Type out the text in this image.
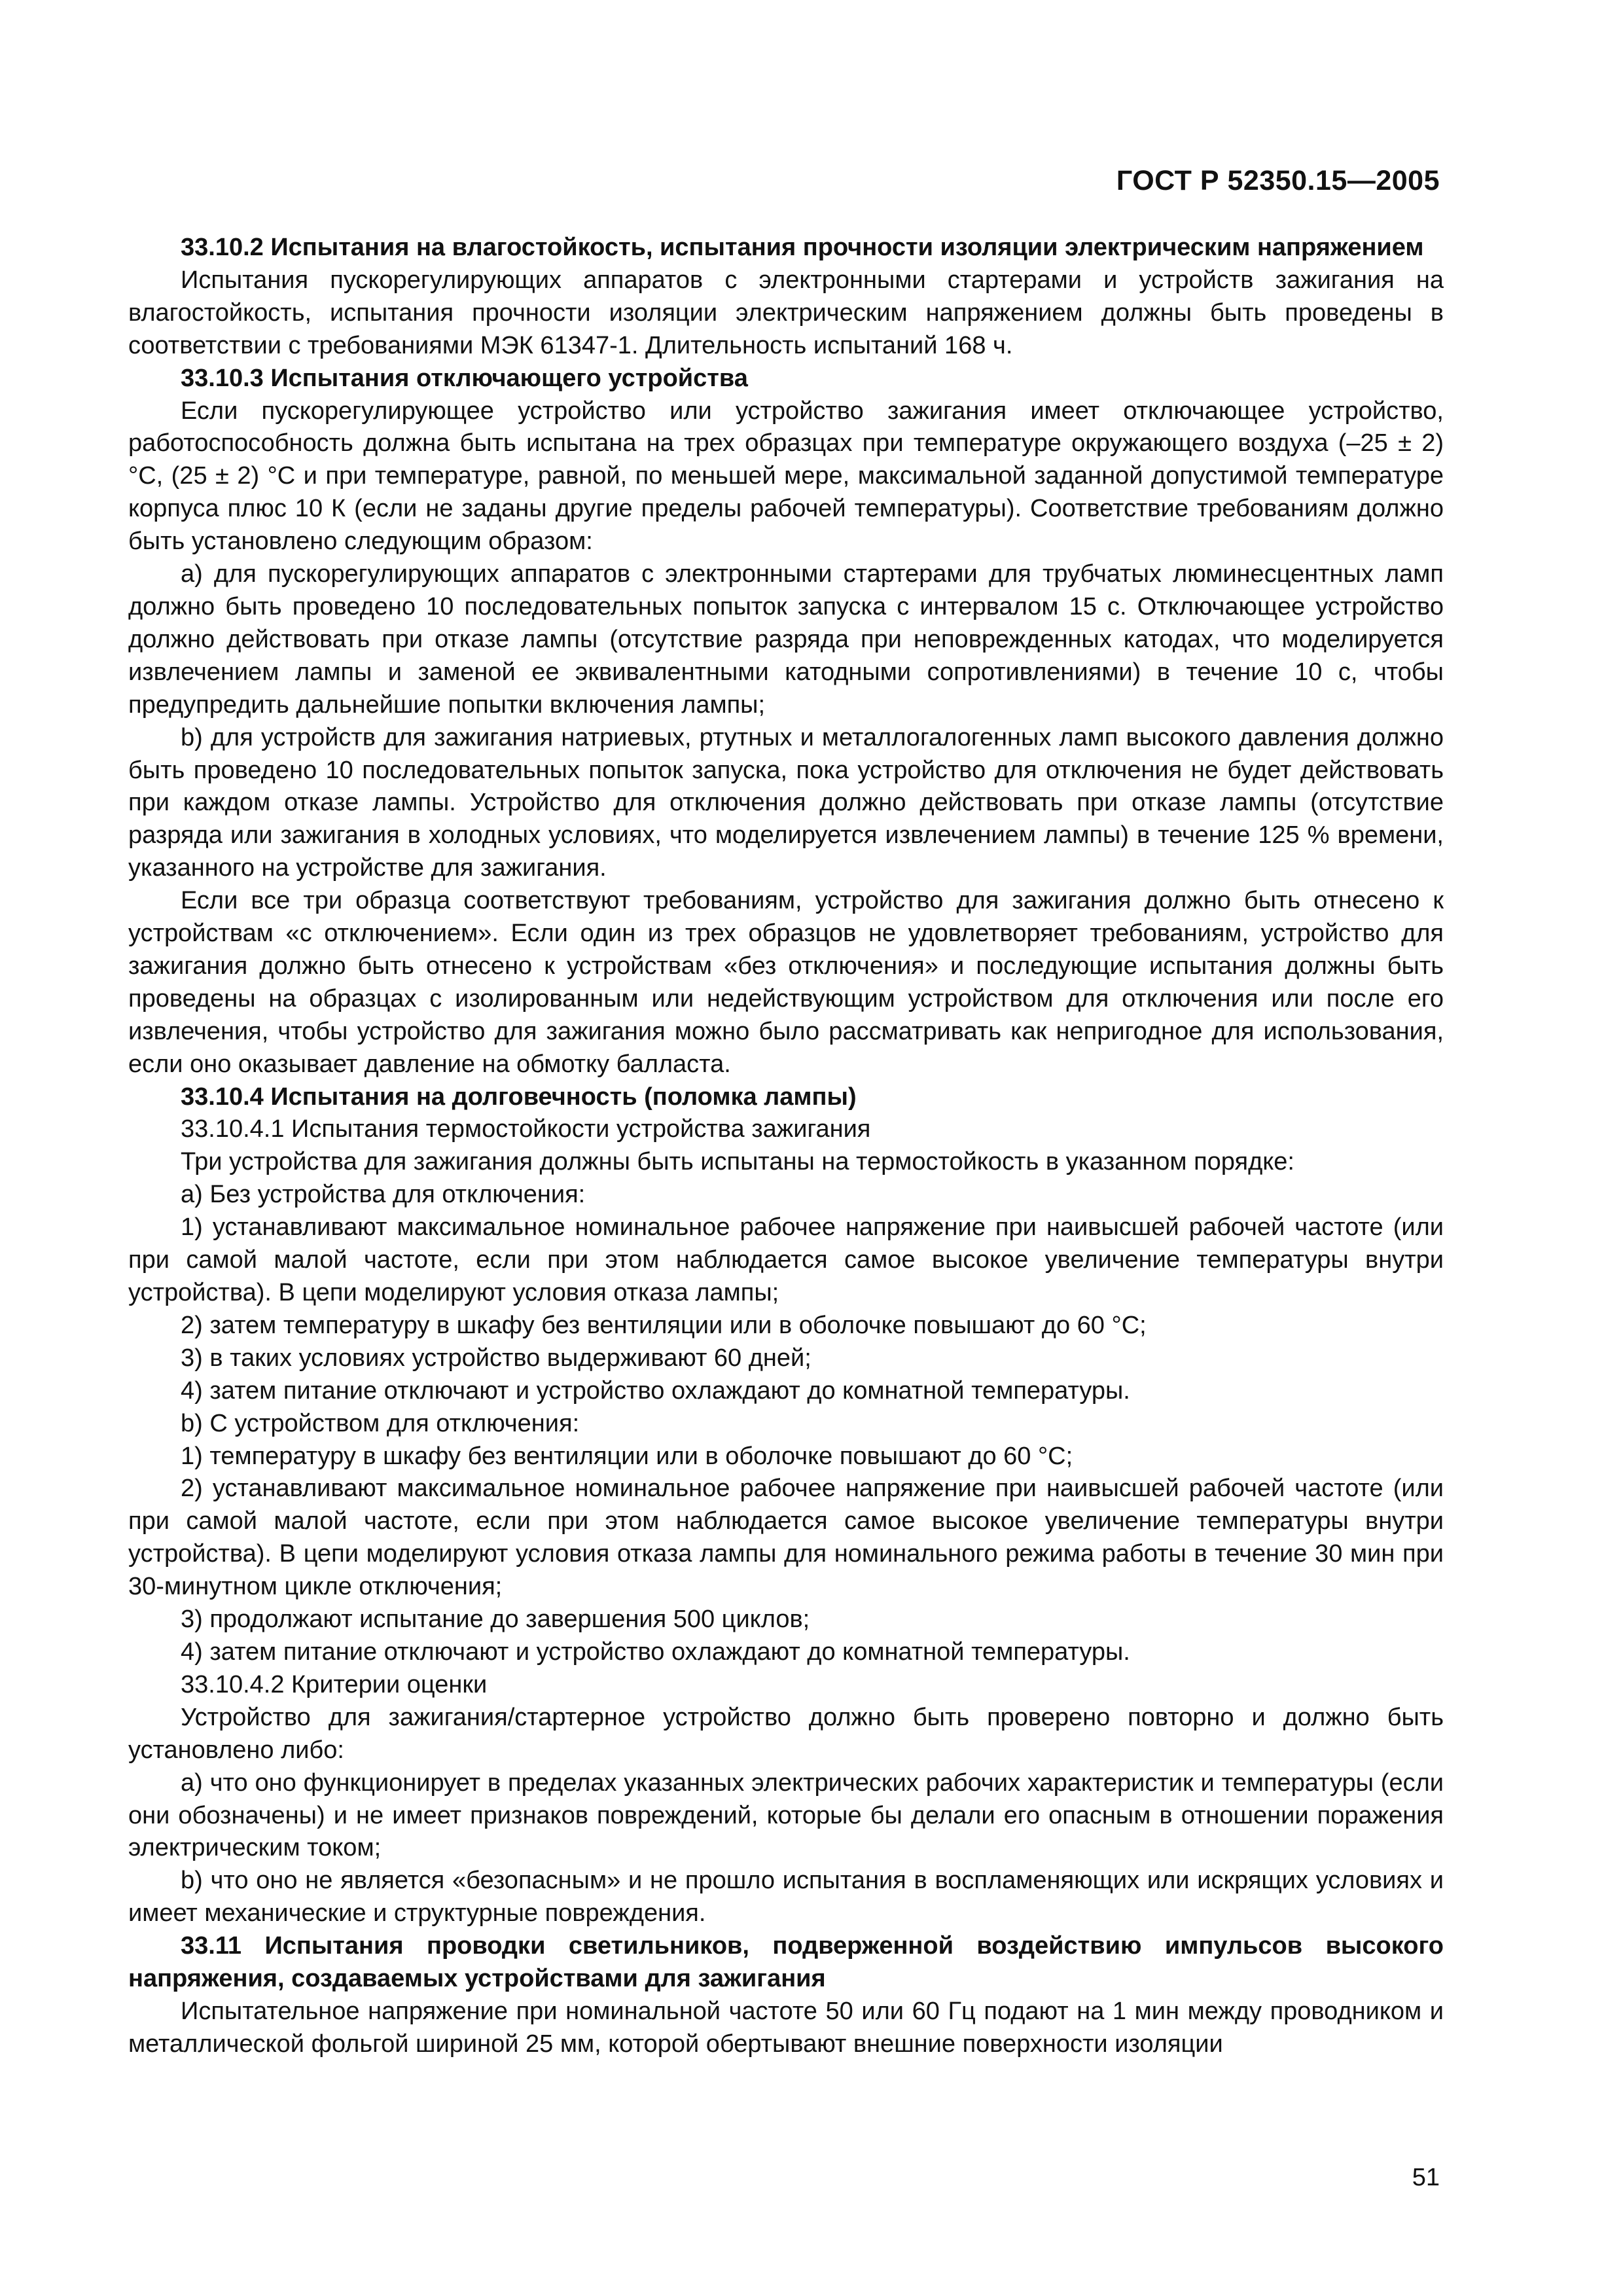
ГОСТ Р 52350.15—2005

33.10.2 Испытания на влагостойкость, испытания прочности изоляции электрическим напряжением

Испытания пускорегулирующих аппаратов с электронными стартерами и устройств зажигания на влагостойкость, испытания прочности изоляции электрическим напряжением должны быть проведены в соответствии с требованиями МЭК 61347-1. Длительность испытаний 168 ч.

33.10.3 Испытания отключающего устройства

Если пускорегулирующее устройство или устройство зажигания имеет отключающее устройство, работоспособность должна быть испытана на трех образцах при температуре окружающего воздуха (–25 ± 2) °С, (25 ± 2) °С и при температуре, равной, по меньшей мере, максимальной заданной допустимой температуре корпуса плюс 10 К (если не заданы другие пределы рабочей температуры). Соответствие требованиям должно быть установлено следующим образом:

а) для пускорегулирующих аппаратов с электронными стартерами для трубчатых люминесцентных ламп должно быть проведено 10 последовательных попыток запуска с интервалом 15 с. Отключающее устройство должно действовать при отказе лампы (отсутствие разряда при неповрежденных катодах, что моделируется извлечением лампы и заменой ее эквивалентными катодными сопротивлениями) в течение 10 с, чтобы предупредить дальнейшие попытки включения лампы;

b) для устройств для зажигания натриевых, ртутных и металлогалогенных ламп высокого давления должно быть проведено 10 последовательных попыток запуска, пока устройство для отключения не будет действовать при каждом отказе лампы. Устройство для отключения должно действовать при отказе лампы (отсутствие разряда или зажигания в холодных условиях, что моделируется извлечением лампы) в течение 125 % времени, указанного на устройстве для зажигания.

Если все три образца соответствуют требованиям, устройство для зажигания должно быть отнесено к устройствам «с отключением». Если один из трех образцов не удовлетворяет требованиям, устройство для зажигания должно быть отнесено к устройствам «без отключения» и последующие испытания должны быть проведены на образцах с изолированным или недействующим устройством для отключения или после его извлечения, чтобы устройство для зажигания можно было рассматривать как непригодное для использования, если оно оказывает давление на обмотку балласта.

33.10.4 Испытания на долговечность (поломка лампы)

33.10.4.1 Испытания термостойкости устройства зажигания

Три устройства для зажигания должны быть испытаны на термостойкость в указанном порядке:

а) Без устройства для отключения:

1) устанавливают максимальное номинальное рабочее напряжение при наивысшей рабочей частоте (или при самой малой частоте, если при этом наблюдается самое высокое увеличение температуры внутри устройства). В цепи моделируют условия отказа лампы;

2) затем температуру в шкафу без вентиляции или в оболочке повышают до 60 °С;

3) в таких условиях устройство выдерживают 60 дней;

4) затем питание отключают и устройство охлаждают до комнатной температуры.

b) С устройством для отключения:

1) температуру в шкафу без вентиляции или в оболочке повышают до 60 °С;

2) устанавливают максимальное номинальное рабочее напряжение при наивысшей рабочей частоте (или при самой малой частоте, если при этом наблюдается самое высокое увеличение температуры внутри устройства). В цепи моделируют условия отказа лампы для номинального режима работы в течение 30 мин при 30-минутном цикле отключения;

3) продолжают испытание до завершения 500 циклов;

4) затем питание отключают и устройство охлаждают до комнатной температуры.

33.10.4.2 Критерии оценки

Устройство для зажигания/стартерное устройство должно быть проверено повторно и должно быть установлено либо:

а) что оно функционирует в пределах указанных электрических рабочих характеристик и температуры (если они обозначены) и не имеет признаков повреждений, которые бы делали его опасным в отношении поражения электрическим током;

b) что оно не является «безопасным» и не прошло испытания в воспламеняющих или искрящих условиях и имеет механические и структурные повреждения.

33.11 Испытания проводки светильников, подверженной воздействию импульсов высокого напряжения, создаваемых устройствами для зажигания

Испытательное напряжение при номинальной частоте 50 или 60 Гц подают на 1 мин между проводником и металлической фольгой шириной 25 мм, которой обертывают внешние поверхности изоляции

51
